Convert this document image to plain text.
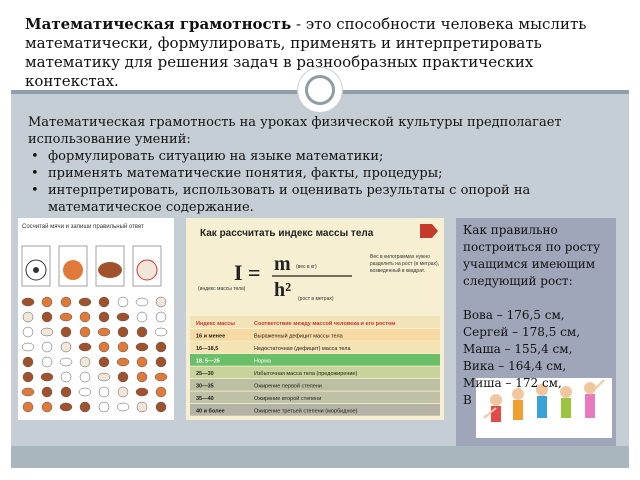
Математическая грамотность - это способности человека мыслить математически, формулировать, применять и интерпретировать математику для решения задач в разнообразных практических контекстах.
Математическая грамотность на уроках физической культуры предполагает использование умений:
• формулировать ситуацию на языке математики;
• применять математические понятия, факты, процедуры;
• интерпретировать, использовать и оценивать результаты с опорой на математическое содержание.
Сосчитай мячи и запиши правильный ответ
Как рассчитать индекс массы тела
I = m (вес в кг)
h² (рост в метрах)
(индекс массы тела)
Вес в килограммах нужно разделить на рост (в метрах), возведенный в квадрат.
Индекс массы	Соответствие между массой человека и его ростом
16 и менее	Выраженный дефицит массы тела
16—18,5	Недостаточная (дефицит) масса тела
18, 5—25	Норма
25—30	Избыточная масса тела (предожирение)
30—35	Ожирение первой степени
35—40	Ожирение второй степени
40 и более	Ожирение третьей степени (морбидное)
Как правильно построиться по росту учащимся имеющим следующий рост:
Вова – 176,5 см,
Сергей – 178,5 см,
Маша – 155,4 см,
Вика – 164,4 см,
Миша – 172 см,
В
